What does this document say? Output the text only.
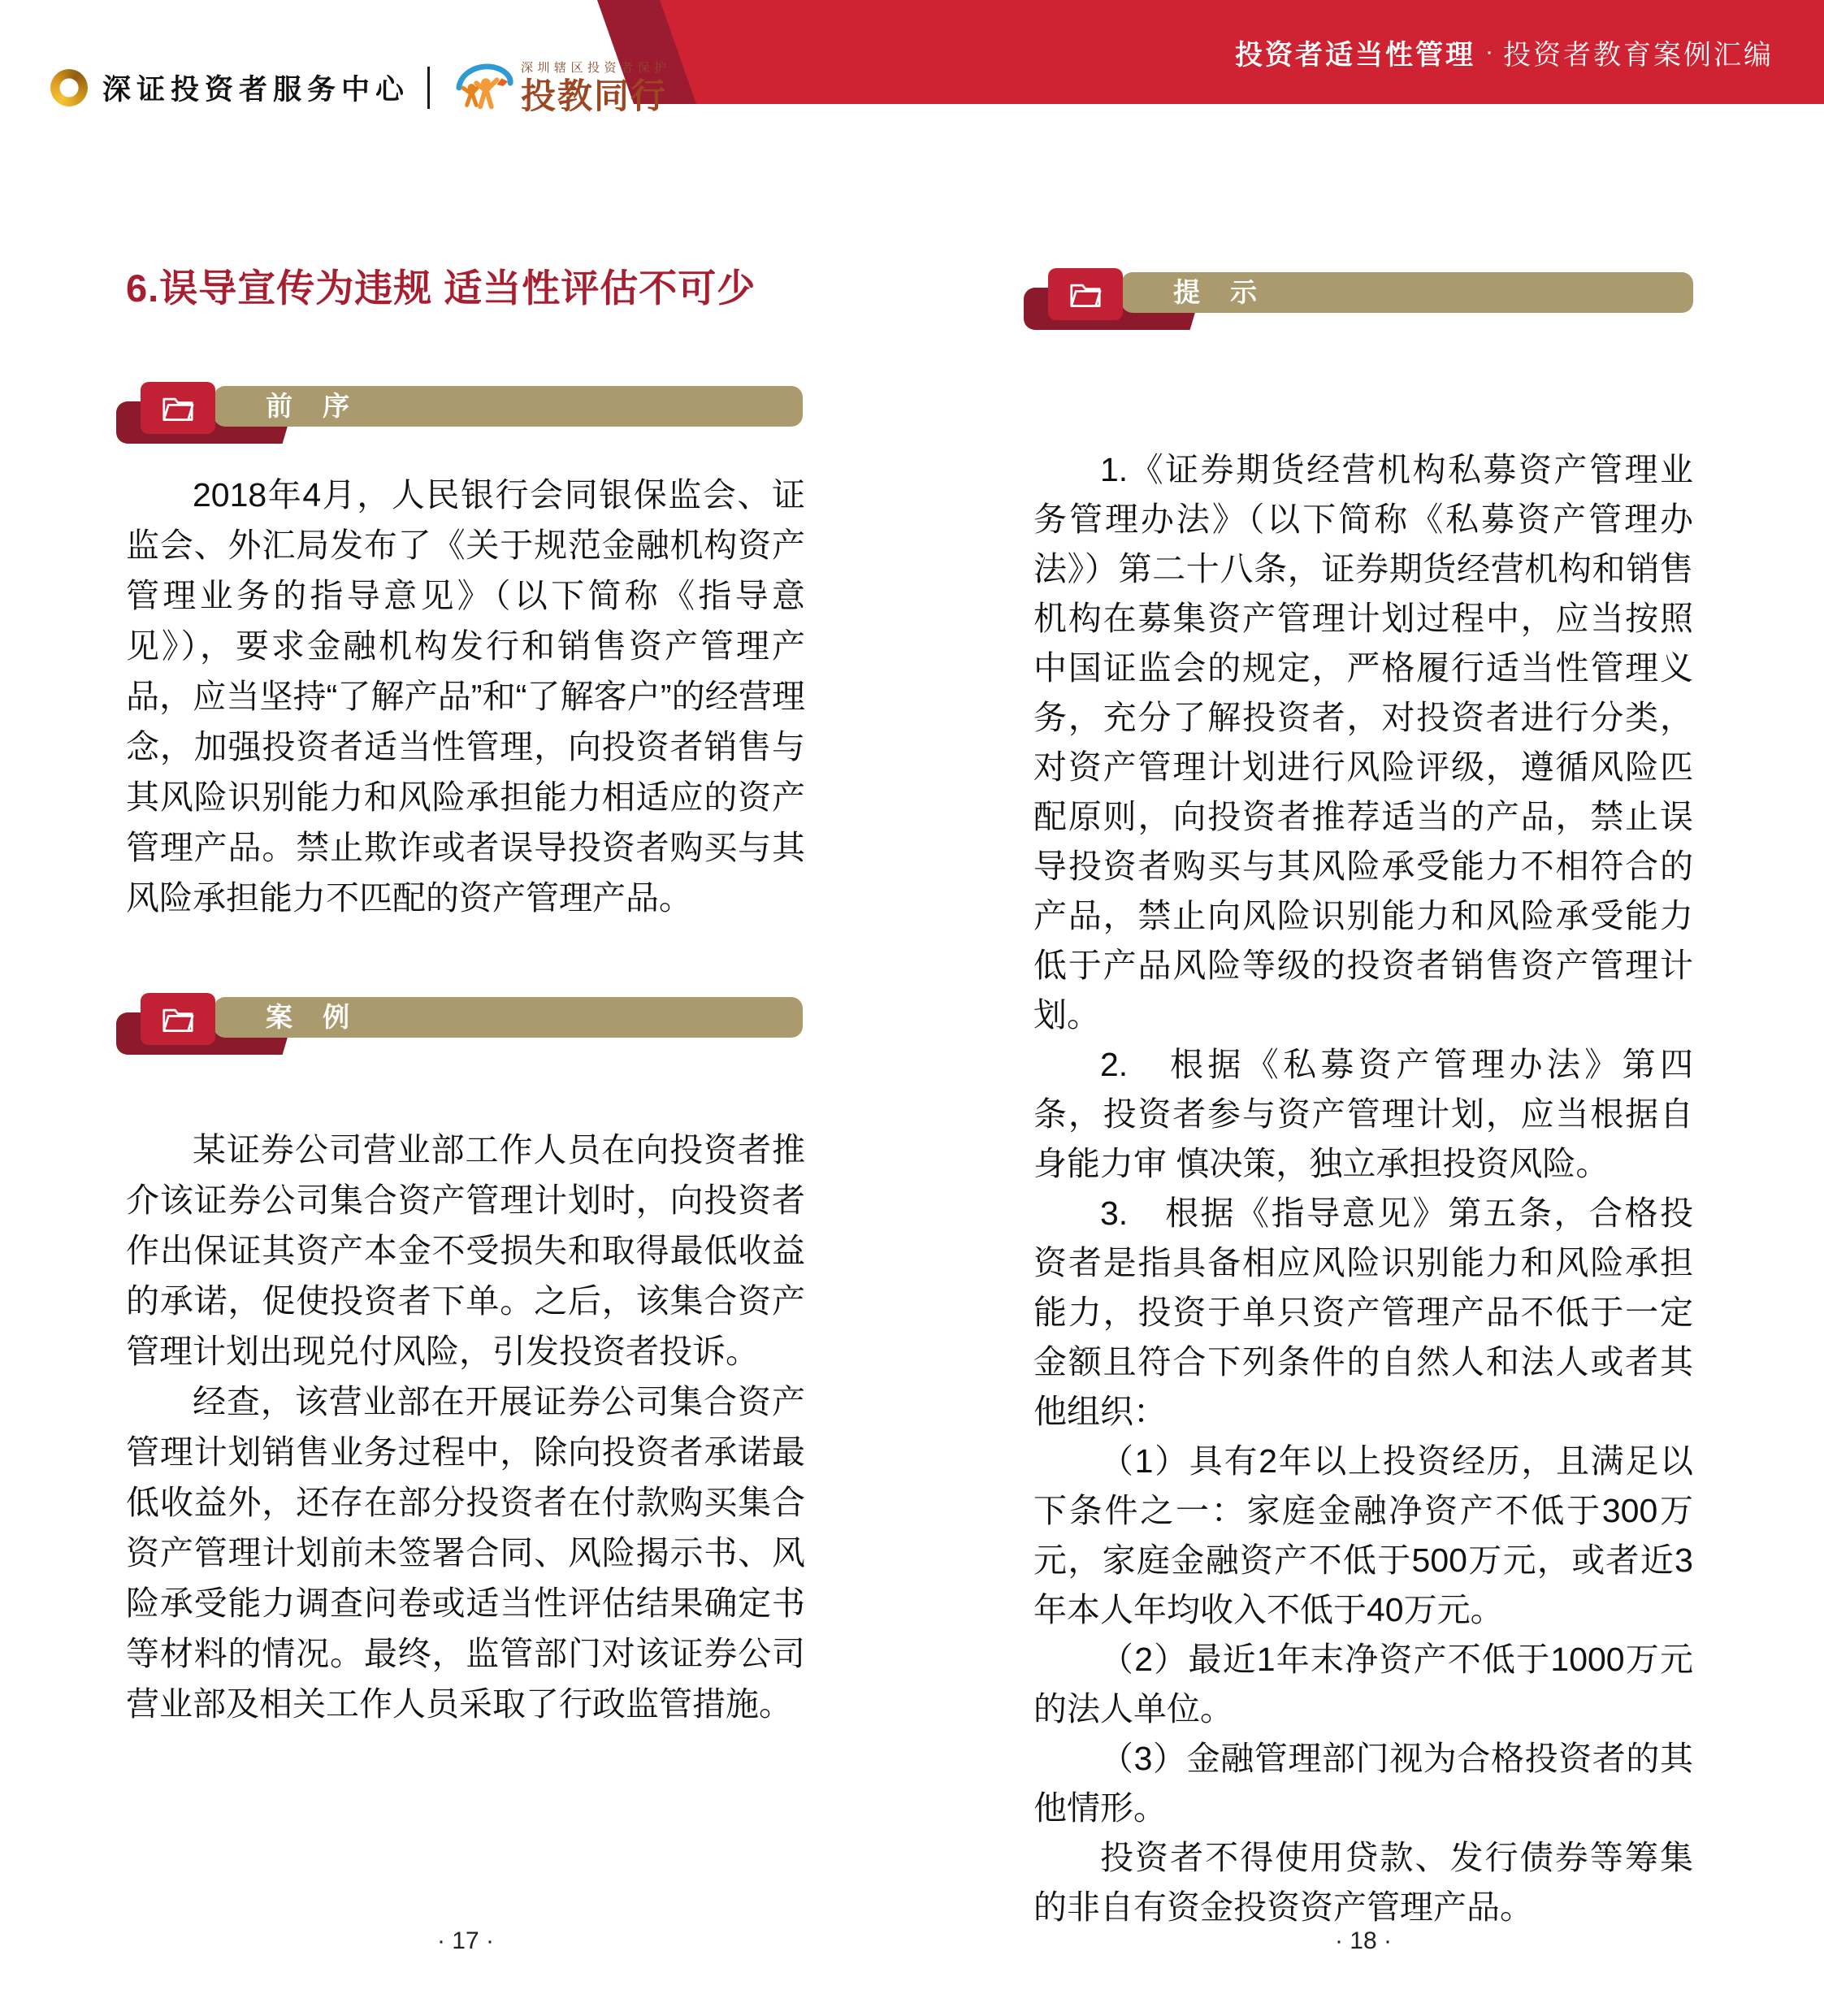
深证投资者服务中心
深圳辖区投资者保护
投教同行
投资者适当性管理 · 投资者教育案例汇编
6.误导宣传为违规 适当性评估不可少
前 序

2018年4月，人民银行会同银保监会、证监会、外汇局发布了《关于规范金融机构资产管理业务的指导意见》（以下简称《指导意见》），要求金融机构发行和销售资产管理产品，应当坚持“了解产品”和“了解客户”的经营理念，加强投资者适当性管理，向投资者销售与其风险识别能力和风险承担能力相适应的资产管理产品。禁止欺诈或者误导投资者购买与其风险承担能力不匹配的资产管理产品。

案 例

某证券公司营业部工作人员在向投资者推介该证券公司集合资产管理计划时，向投资者作出保证其资产本金不受损失和取得最低收益的承诺，促使投资者下单。之后，该集合资产管理计划出现兑付风险，引发投资者投诉。

经查，该营业部在开展证券公司集合资产管理计划销售业务过程中，除向投资者承诺最低收益外，还存在部分投资者在付款购买集合资产管理计划前未签署合同、风险揭示书、风险承受能力调查问卷或适当性评估结果确定书等材料的情况。最终，监管部门对该证券公司营业部及相关工作人员采取了行政监管措施。

· 17 ·
提 示

1.《证券期货经营机构私募资产管理业务管理办法》（以下简称《私募资产管理办法》）第二十八条，证券期货经营机构和销售机构在募集资产管理计划过程中，应当按照中国证监会的规定，严格履行适当性管理义务，充分了解投资者，对投资者进行分类，对资产管理计划进行风险评级，遵循风险匹配原则，向投资者推荐适当的产品，禁止误导投资者购买与其风险承受能力不相符合的产品，禁止向风险识别能力和风险承受能力低于产品风险等级的投资者销售资产管理计划。

2.　根据《私募资产管理办法》第四条，投资者参与资产管理计划，应当根据自身能力审 慎决策，独立承担投资风险。

3.　根据《指导意见》第五条，合格投资者是指具备相应风险识别能力和风险承担能力，投资于单只资产管理产品不低于一定金额且符合下列条件的自然人和法人或者其他组织：

（1）具有2年以上投资经历，且满足以下条件之一：家庭金融净资产不低于300万元，家庭金融资产不低于500万元，或者近3年本人年均收入不低于40万元。

（2）最近1年末净资产不低于1000万元的法人单位。

（3）金融管理部门视为合格投资者的其他情形。

投资者不得使用贷款、发行债券等筹集的非自有资金投资资产管理产品。

· 18 ·
